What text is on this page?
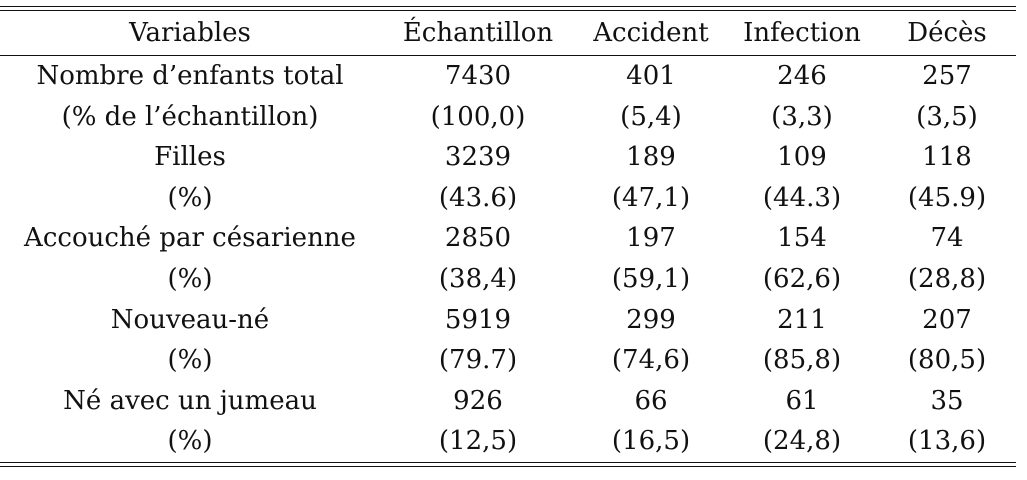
Variables	Échantillon	Accident	Infection	Décès
Nombre d’enfants total	7430	401	246	257
(% de l’échantillon)	(100,0)	(5,4)	(3,3)	(3,5)
Filles	3239	189	109	118
(%)	(43.6)	(47,1)	(44.3)	(45.9)
Accouché par césarienne	2850	197	154	74
(%)	(38,4)	(59,1)	(62,6)	(28,8)
Nouveau-né	5919	299	211	207
(%)	(79.7)	(74,6)	(85,8)	(80,5)
Né avec un jumeau	926	66	61	35
(%)	(12,5)	(16,5)	(24,8)	(13,6)
